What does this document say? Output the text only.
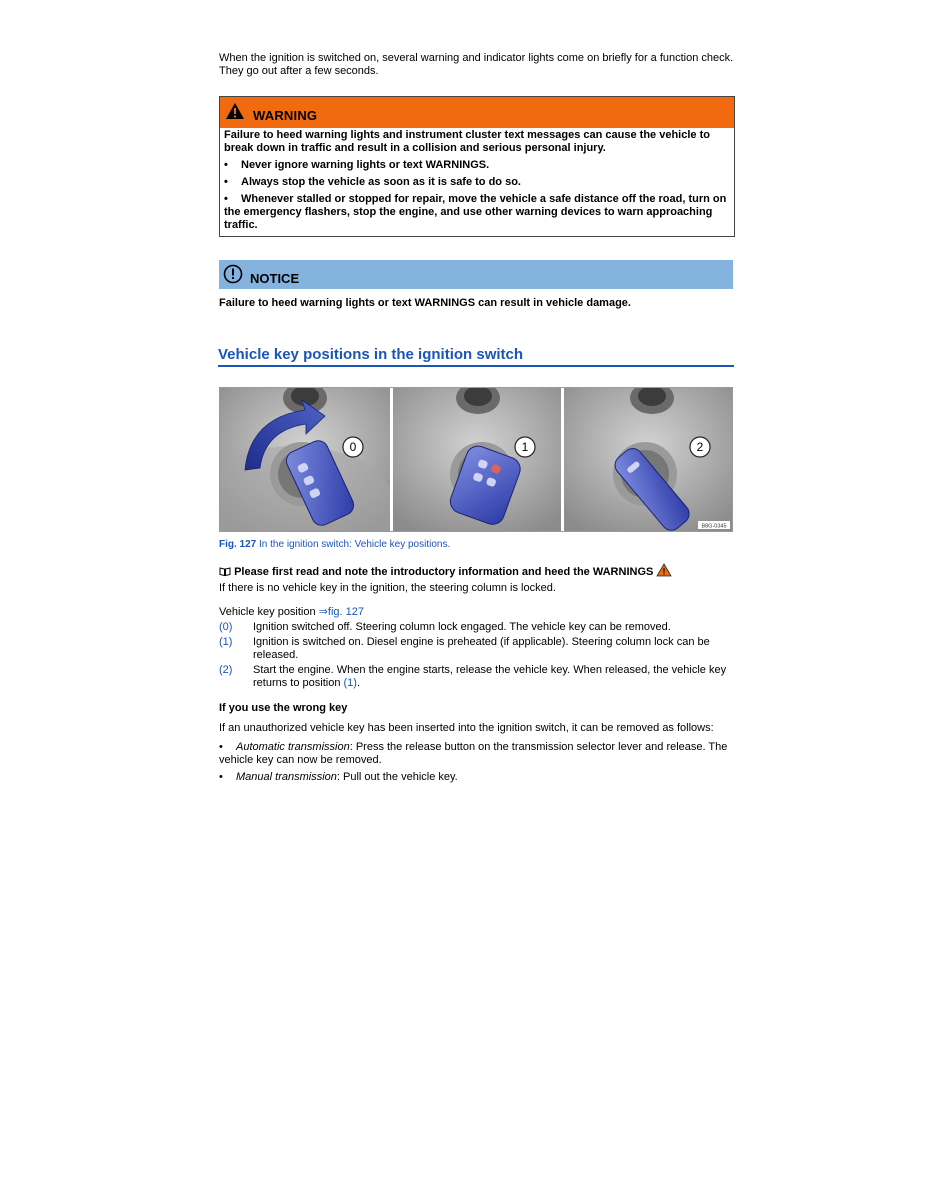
When the ignition is switched on, several warning and indicator lights come on briefly for a function check. They go out after a few seconds.
WARNING

Failure to heed warning lights and instrument cluster text messages can cause the vehicle to break down in traffic and result in a collision and serious personal injury.

• Never ignore warning lights or text WARNINGS.

• Always stop the vehicle as soon as it is safe to do so.

• Whenever stalled or stopped for repair, move the vehicle a safe distance off the road, turn on the emergency flashers, stop the engine, and use other warning devices to warn approaching traffic.

NOTICE
Failure to heed warning lights or text WARNINGS can result in vehicle damage.
Vehicle key positions in the ignition switch
0	1	2
B8G-0345
Fig. 127 In the ignition switch: Vehicle key positions.
Please first read and note the introductory information and heed the WARNINGS
If there is no vehicle key in the ignition, the steering column is locked.
Vehicle key position ⇒fig. 127
(0)	Ignition switched off. Steering column lock engaged. The vehicle key can be removed.
(1)	Ignition is switched on. Diesel engine is preheated (if applicable). Steering column lock can be released.
(2)	Start the engine. When the engine starts, release the vehicle key. When released, the vehicle key returns to position (1).
If you use the wrong key
If an unauthorized vehicle key has been inserted into the ignition switch, it can be removed as follows:

• Automatic transmission: Press the release button on the transmission selector lever and release. The vehicle key can now be removed.

• Manual transmission: Pull out the vehicle key.
